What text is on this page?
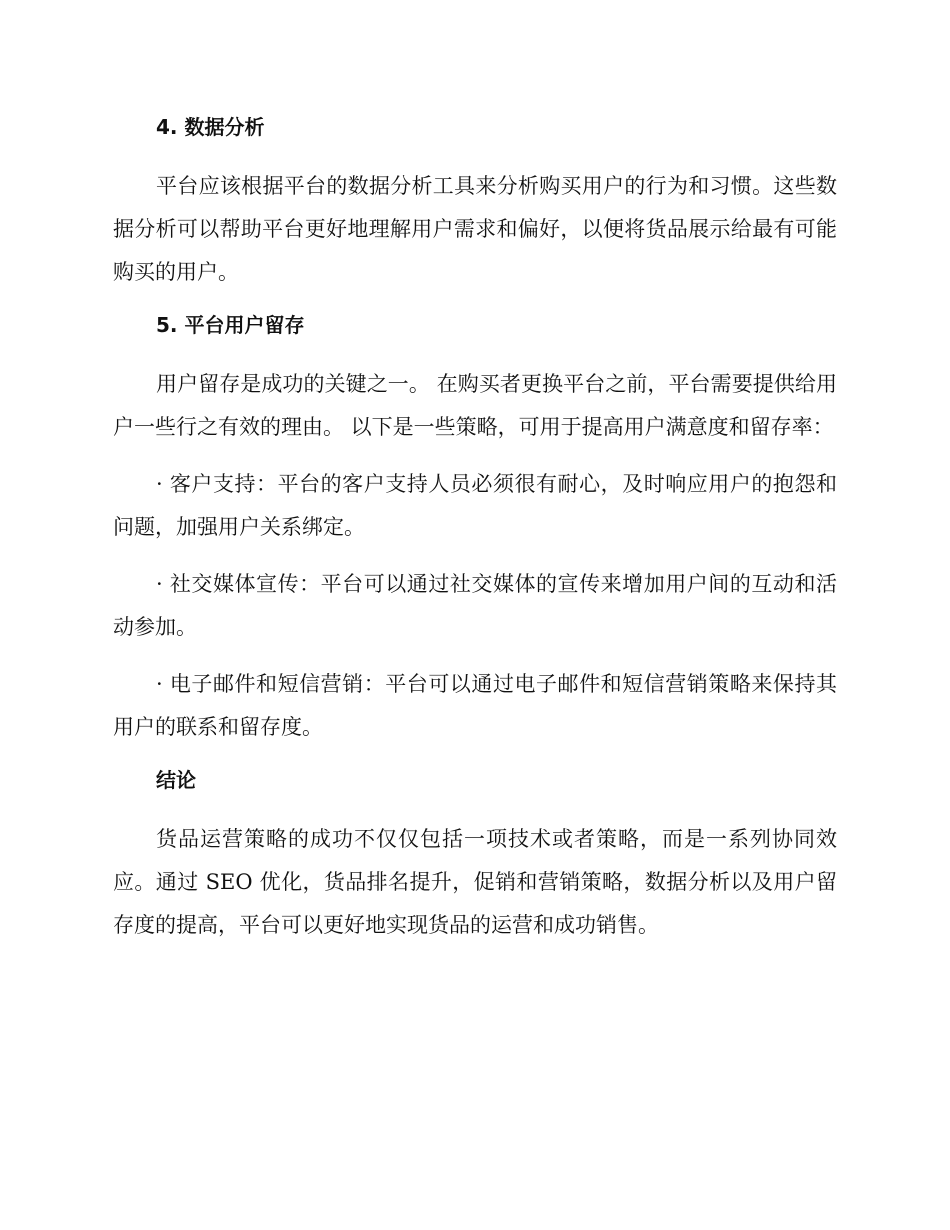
4. 数据分析

平台应该根据平台的数据分析工具来分析购买用户的行为和习惯。这些数据分析可以帮助平台更好地理解用户需求和偏好，以便将货品展示给最有可能购买的用户。

5. 平台用户留存

用户留存是成功的关键之一。 在购买者更换平台之前，平台需要提供给用户一些行之有效的理由。 以下是一些策略，可用于提高用户满意度和留存率：

· 客户支持：平台的客户支持人员必须很有耐心，及时响应用户的抱怨和问题，加强用户关系绑定。

· 社交媒体宣传：平台可以通过社交媒体的宣传来增加用户间的互动和活动参加。

· 电子邮件和短信营销：平台可以通过电子邮件和短信营销策略来保持其用户的联系和留存度。

结论

货品运营策略的成功不仅仅包括一项技术或者策略，而是一系列协同效应。通过 SEO 优化，货品排名提升，促销和营销策略，数据分析以及用户留存度的提高，平台可以更好地实现货品的运营和成功销售。
